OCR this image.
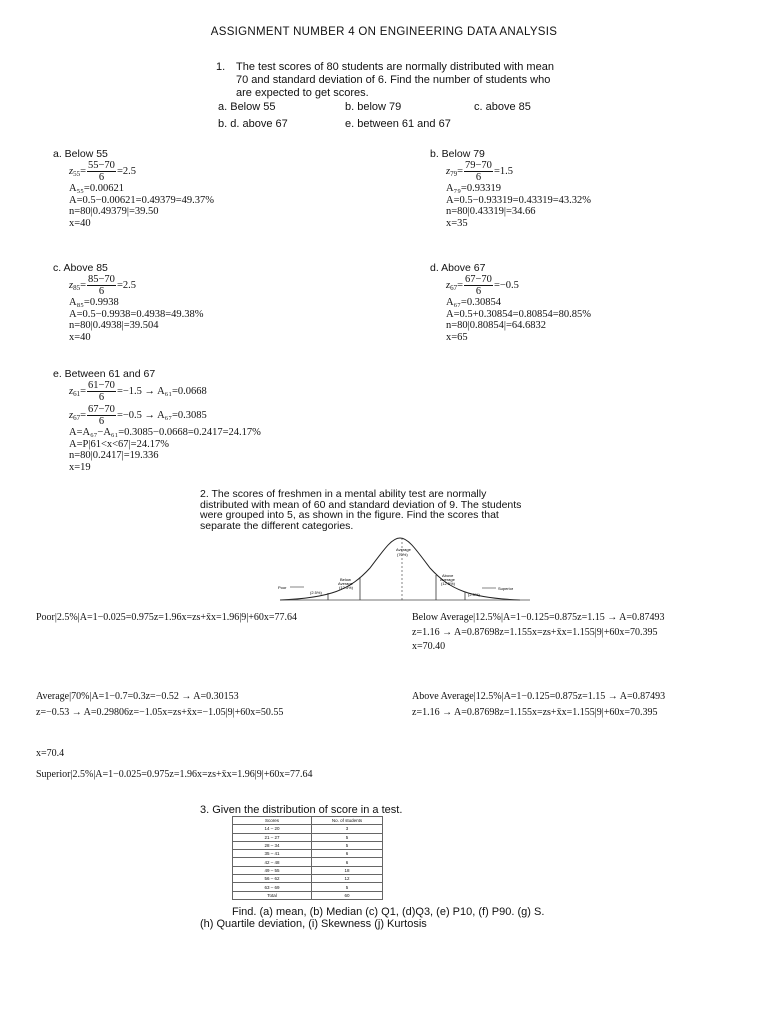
ASSIGNMENT NUMBER 4 ON ENGINEERING DATA ANALYSIS
1. The test scores of 80 students are normally distributed with mean
70 and standard deviation of 6. Find the number of students who
are expected to get scores.
a. Below 55	b. below 79	c. above 85
b. d. above 67	e. between 61 and 67
a. Below 55
$z_{55}= \frac{55-70}{6} =2.5$
A₅₅=0.00621
A=0.5−0.00621=0.49379=49.37%
n=80|0.49379|=39.50
x=40
b. Below 79
$z_{79}= \frac{79-70}{6} =1.5$
A₇₉=0.93319
A=0.5−0.93319=0.43319=43.32%
n=80|0.43319|=34.66
x=35
c. Above 85
$z_{85}= \frac{85-70}{6} =2.5$
A₈₅=0.9938
A=0.5−0.9938=0.4938=49.38%
n=80|0.4938|=39.504
x=40
d. Above 67
$z_{67}= \frac{67-70}{6} =-0.5$
A₆₇=0.30854
A=0.5+0.30854=0.80854=80.85%
n=80|0.80854|=64.6832
x=65
e. Between 61 and 67
$z_{61}= \frac{61-70}{6} =-1.5 \to A_{61}=0.0668$
$z_{67}= \frac{67-70}{6} =-0.5 \to A_{67}=0.3085$
A=A₆₇−A₆₁=0.3085−0.0668=0.2417=24.17%
A=P|61<x<67|=24.17%
n=80|0.2417|=19.336
x=19
2. The scores of freshmen in a mental ability test are normally
distributed with mean of 60 and standard deviation of 9. The students
were grouped into 5, as shown in the figure. Find the scores that
separate the different categories.
Average
(70%)
Below
Average
(12.5%)
Above
Average
(12.5%)
Poor
(2.5%)
Superior
(2.5%)
Poor|2.5%|A=1−0.025=0.975z=1.96x=zs+x̄x=1.96|9|+60x=77.64	Below Average|12.5%|A=1−0.125=0.875z=1.15 → A=0.87493
z=1.16 → A=0.87698z=1.155x=zs+x̄x=1.155|9|+60x=70.395
x=70.40
Average|70%|A=1−0.7=0.3z=−0.52 → A=0.30153
z=−0.53 → A=0.29806z=−1.05x=zs+x̄x=−1.05|9|+60x=50.55
Above Average|12.5%|A=1−0.125=0.875z=1.15 → A=0.87493
z=1.16 → A=0.87698z=1.155x=zs+x̄x=1.155|9|+60x=70.395
x=70.4
Superior|2.5%|A=1−0.025=0.975z=1.96x=zs+x̄x=1.96|9|+60x=77.64
3. Given the distribution of score in a test.
Scores	No. of students
14 – 20	3
21 – 27	5
28 – 34	5
35 – 41	6
42 – 48	6
49 – 55	18
56 – 62	12
63 – 69	5
Total	60
Find. (a) mean, (b) Median (c) Q1, (d)Q3, (e) P10, (f) P90. (g) S.
(h) Quartile deviation, (i) Skewness (j) Kurtosis
